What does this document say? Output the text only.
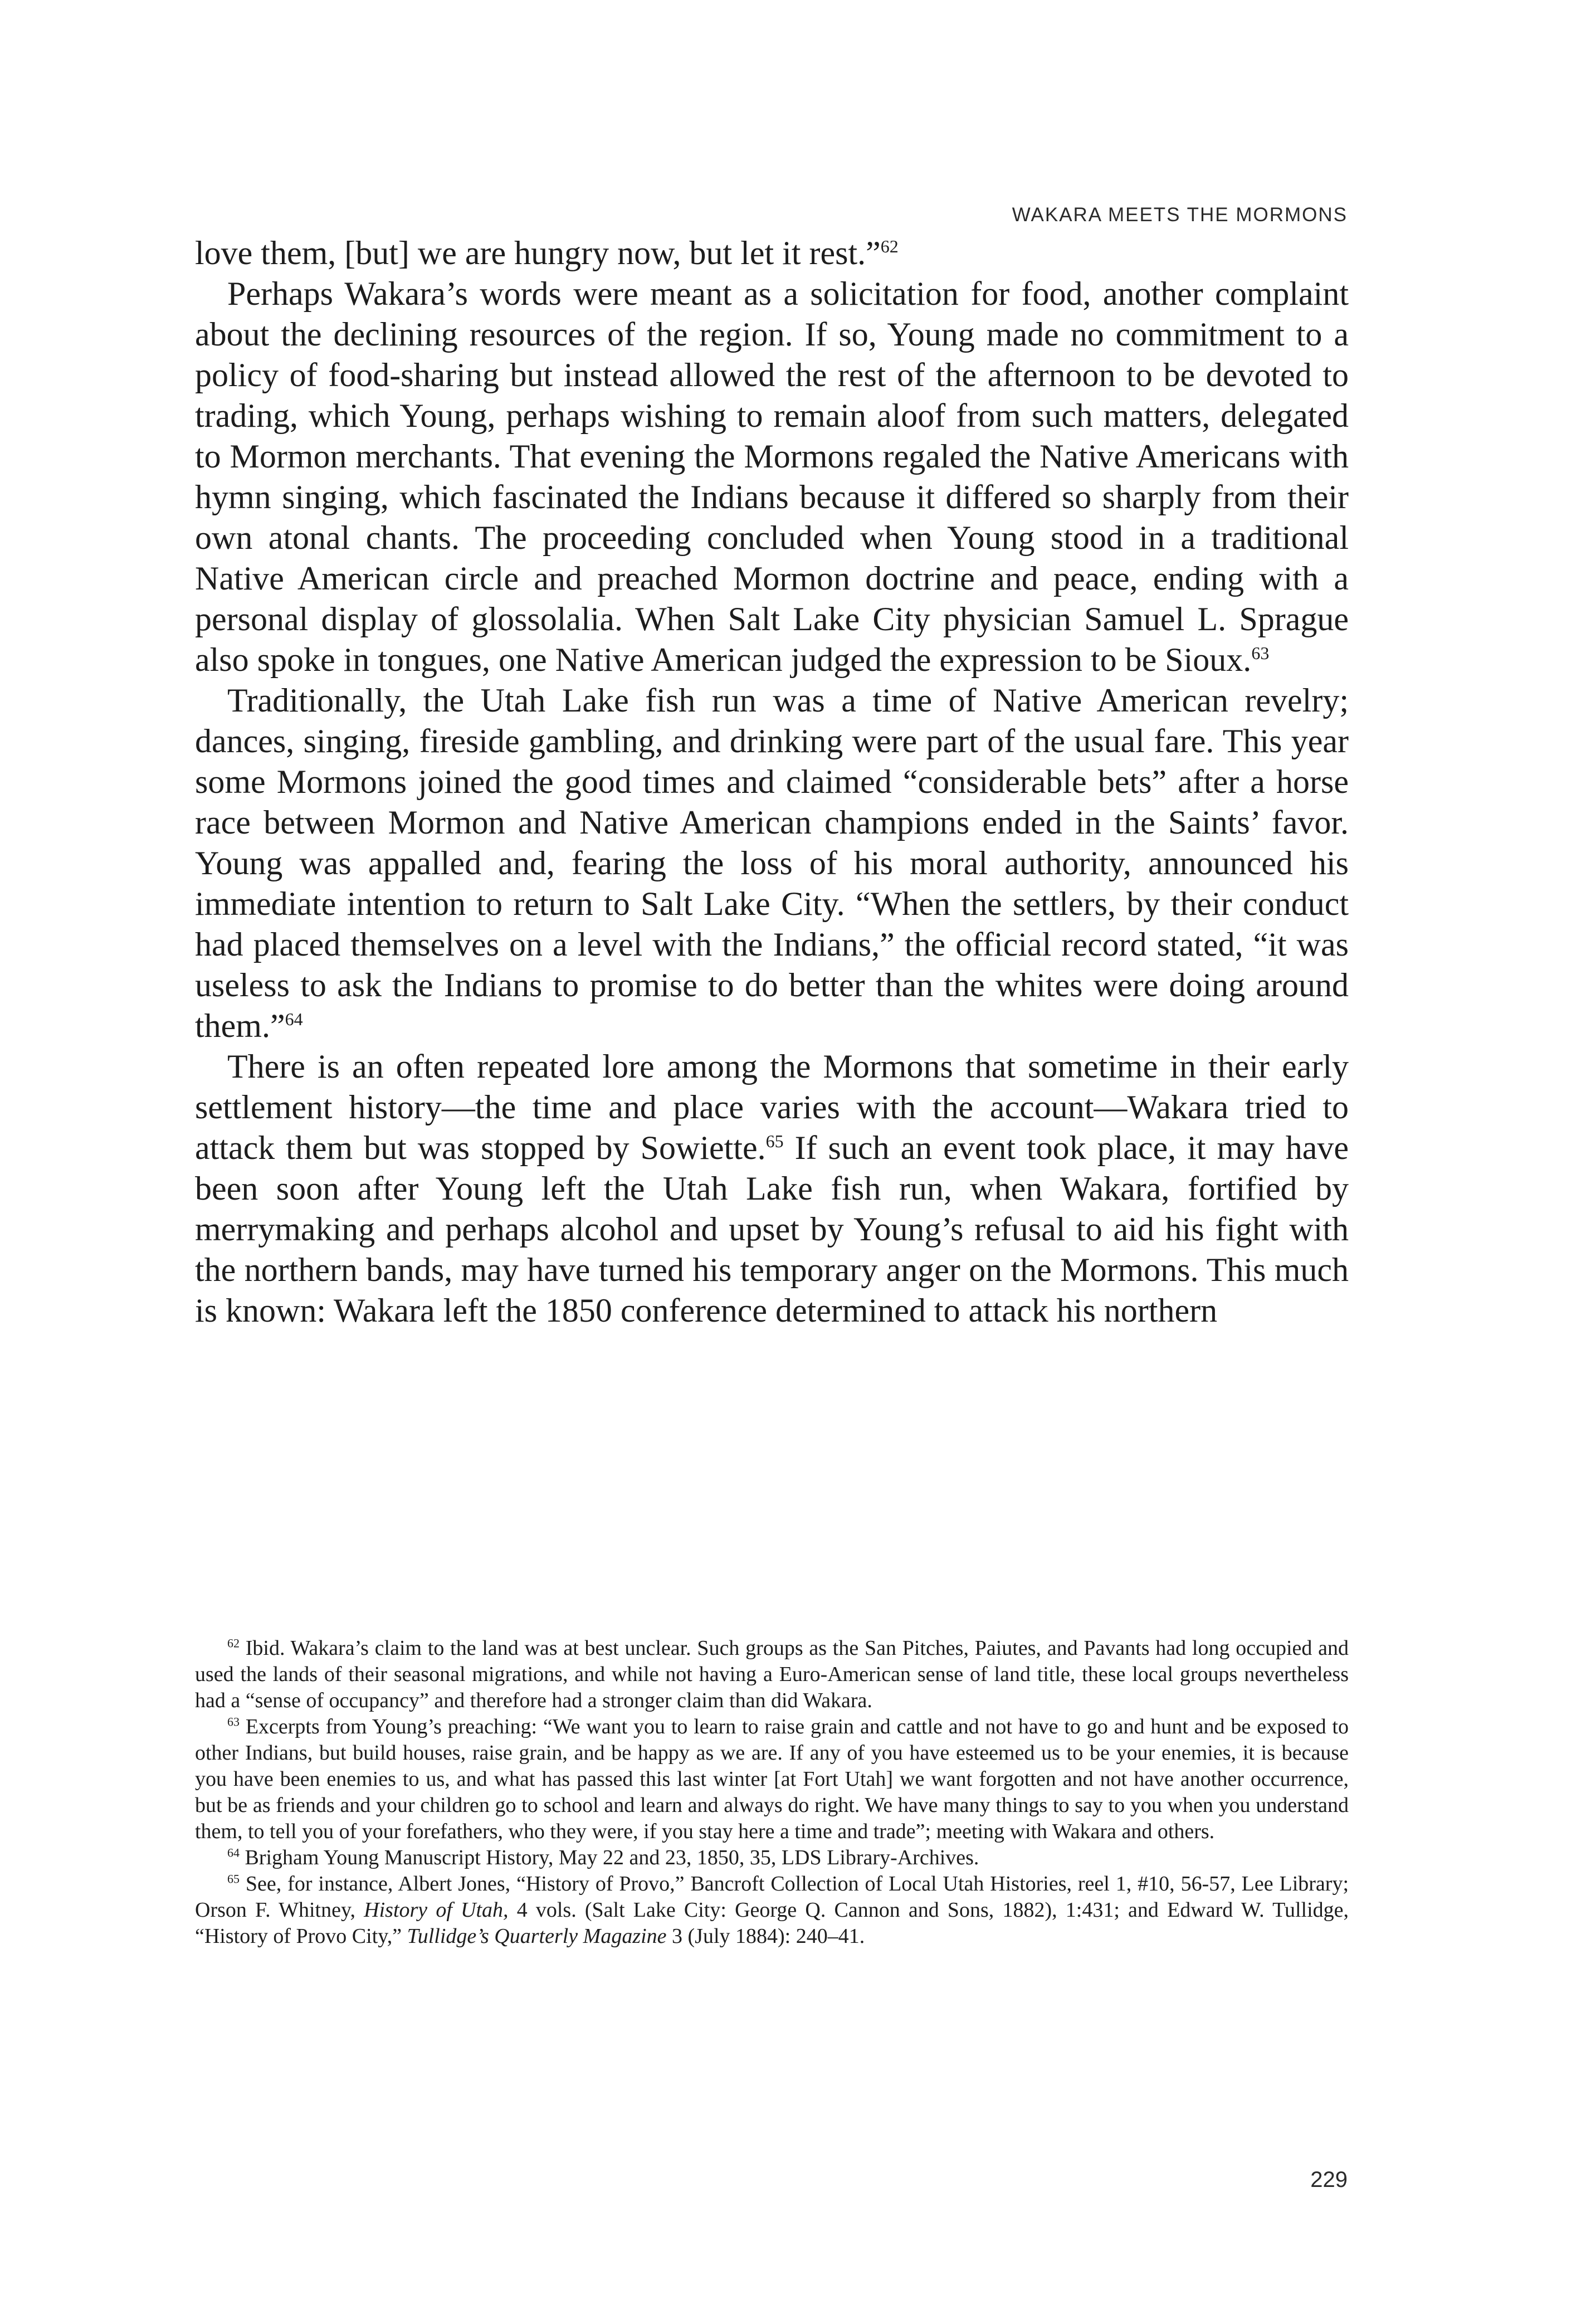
WAKARA MEETS THE MORMONS

love them, [but] we are hungry now, but let it rest.”$^{62}$

Perhaps Wakara’s words were meant as a solicitation for food, another complaint about the declining resources of the region. If so, Young made no commitment to a policy of food-sharing but instead allowed the rest of the afternoon to be devoted to trading, which Young, perhaps wishing to remain aloof from such matters, delegated to Mormon merchants. That evening the Mormons regaled the Native Americans with hymn singing, which fascinated the Indians because it differed so sharply from their own atonal chants. The proceeding concluded when Young stood in a traditional Native American circle and preached Mormon doctrine and peace, ending with a personal display of glossolalia. When Salt Lake City physician Samuel L. Sprague also spoke in tongues, one Native American judged the expression to be Sioux.$^{63}$

Traditionally, the Utah Lake fish run was a time of Native American revelry; dances, singing, fireside gambling, and drinking were part of the usual fare. This year some Mormons joined the good times and claimed “considerable bets” after a horse race between Mormon and Native American champions ended in the Saints’ favor. Young was appalled and, fearing the loss of his moral authority, announced his immediate intention to return to Salt Lake City. “When the settlers, by their conduct had placed themselves on a level with the Indians,” the official record stated, “it was useless to ask the Indians to promise to do better than the whites were doing around them.”$^{64}$

There is an often repeated lore among the Mormons that sometime in their early settlement history—the time and place varies with the account—Wakara tried to attack them but was stopped by Sowiette.$^{65}$ If such an event took place, it may have been soon after Young left the Utah Lake fish run, when Wakara, fortified by merrymaking and perhaps alcohol and upset by Young’s refusal to aid his fight with the northern bands, may have turned his temporary anger on the Mormons. This much is known: Wakara left the 1850 conference determined to attack his northern

$^{62}$ Ibid. Wakara’s claim to the land was at best unclear. Such groups as the San Pitches, Paiutes, and Pavants had long occupied and used the lands of their seasonal migrations, and while not having a Euro-American sense of land title, these local groups nevertheless had a “sense of occupancy” and therefore had a stronger claim than did Wakara.

$^{63}$ Excerpts from Young’s preaching: “We want you to learn to raise grain and cattle and not have to go and hunt and be exposed to other Indians, but build houses, raise grain, and be happy as we are. If any of you have esteemed us to be your enemies, it is because you have been enemies to us, and what has passed this last winter [at Fort Utah] we want forgotten and not have another occurrence, but be as friends and your children go to school and learn and always do right. We have many things to say to you when you understand them, to tell you of your forefathers, who they were, if you stay here a time and trade”; meeting with Wakara and others.

$^{64}$ Brigham Young Manuscript History, May 22 and 23, 1850, 35, LDS Library-Archives.

$^{65}$ See, for instance, Albert Jones, “History of Provo,” Bancroft Collection of Local Utah Histories, reel 1, #10, 56-57, Lee Library; Orson F. Whitney, History of Utah, 4 vols. (Salt Lake City: George Q. Cannon and Sons, 1882), 1:431; and Edward W. Tullidge, “History of Provo City,” Tullidge’s Quarterly Magazine 3 (July 1884): 240–41.

229
